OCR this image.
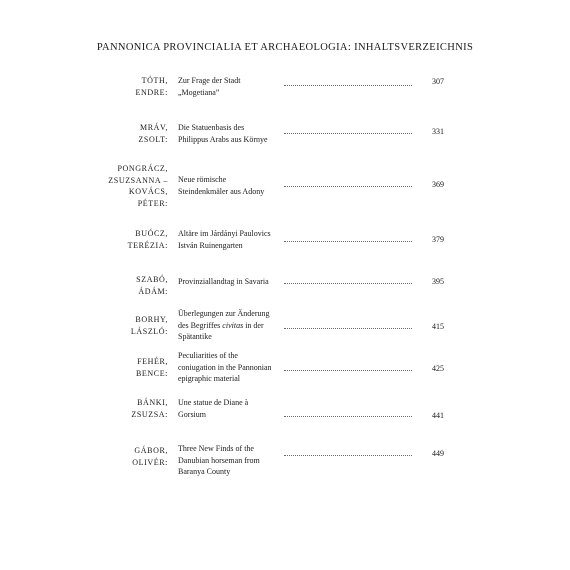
PANNONICA PROVINCIALIA ET ARCHAEOLOGIA: INHALTSVERZEICHNIS
TÓTH,
ENDRE:
Zur Frage der Stadt
„Mogetiana”
307
MRÁV,
ZSOLT:
Die Statuenbasis des
Philippus Arabs aus Környe
331
PONGRÁCZ,
ZSUZSANNA –
KOVÁCS,
PÉTER:
Neue römische
Steindenkmäler aus Adony
369
BUÓCZ,
TERÉZIA:
Altäre im Járdányi Paulovics
István Ruinengarten
379
SZABÓ,
ÁDÁM:
Provinziallandtag in Savaria	395
BORHY,
LÁSZLÓ:
Überlegungen zur Änderung
des Begriffes civitas in der
Spätantike
415
FEHÉR,
BENCE:
Peculiarities of the
coniugation in the Pannonian
epigraphic material
425
BÁNKI,
ZSUZSA:
Une statue de Diane à
Gorsium	441
GÁBOR,
OLIVÉR:
Three New Finds of the
Danubian horseman from
Baranya County
449
